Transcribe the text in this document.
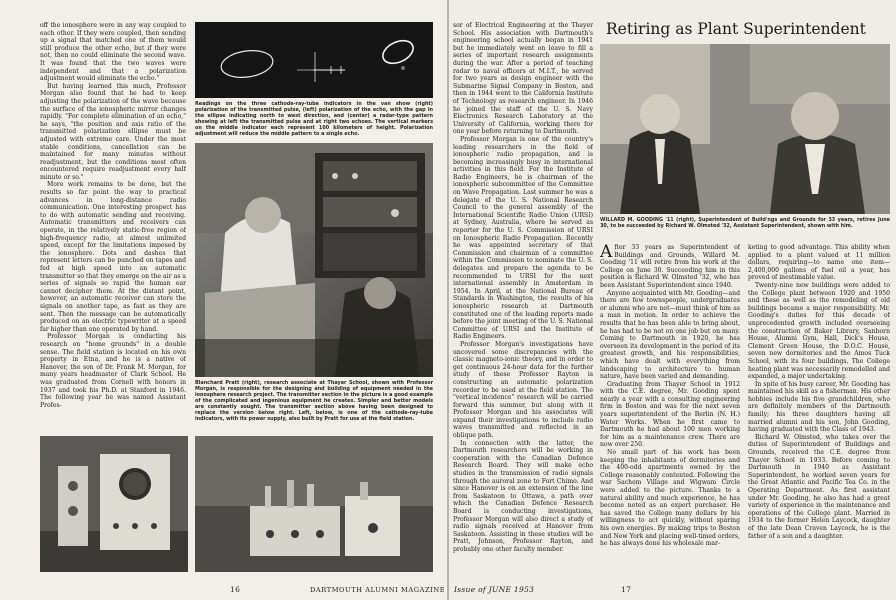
off the ionosphere were in any way coupled to each other. If they were coupled, then sending up a signal that matched one of them would still produce the other echo, but if they were not, then no could eliminate the second wave. It was found that the two waves were independent and that a polarization adjustment would eliminate the echo."

But having learned this much, Professor Morgan also found that he had to keep adjusting the polarization of the wave because the surface of the ionospheric mirror changes rapidly. "For complete elimination of an echo," he says, "the position and axis ratio of the transmitted polarization ellipse must be adjusted with extreme care. Under the most stable conditions, cancellation can be maintained for many minutes without readjustment, but the conditions most often encountered require readjustment every half minute or so."

More work remains to be done, but the results so far point the way to practical advances in long-distance radio communication. One interesting prospect has to do with automatic sending and receiving. Automatic transmitters and receivers can operate, in the relatively static-free region of high-frequency radio, at almost unlimited speed, except for the limitations imposed by the ionosphere. Dots and dashes that represent letters can be punched on tapes and fed at high speed into an automatic transmitter so that they emerge on the air as a series of signals so rapid the human ear cannot decipher them. At the distant point, however, an automatic receiver can store the signals on another tape, as fast as they are sent. Then the message can be automatically produced on an electric typewriter at a speed far higher than one operated by hand.

Professor Morgan is conducting his research on "home grounds" in a double sense. The field station is located on his own property in Etna, and he is a native of Hanover, the son of Dr. Frank M. Morgan, for many years headmaster of Clark School. He was graduated from Cornell with honors in 1937 and took his Ph.D. at Stanford in 1946. The following year he was named Assistant Profes-

Readings on the three cathode-ray-tube indicators in the van show (right) polarization of the transmitted pulse, (left) polarization of the echo, with the gap in the ellipse indicating north to west direction, and (center) a radar-type pattern showing at left the transmitted pulse and at right two echoes. The vertical markers on the middle indicator each represent 100 kilometers of height. Polarization adjustment will reduce the middle pattern to a single echo.
Blanchard Pratt (right), research associate at Thayer School, shown with Professor Morgan, is responsible for the designing and building of equipment needed in the ionosphere research project. The transmitter section in the picture is a good example of the complicated and ingenious equipment he creates. Simpler and better models are constantly sought. The transmitter section above having been designed to replace the version below right. Left, below, is one of the cathode-ray-tube indicators, with its power supply, also built by Pratt for use at the field station.
16	DARTMOUTH ALUMNI MAGAZINE

sor of Electrical Engineering at the Thayer School. His association with Dartmouth's engineering school actually began in 1941 but he immediately went on leave to fill a series of important research assignments during the war. After a period of teaching radar to naval officers at M.I.T., he served for two years as design engineer with the Submarine Signal Company in Boston, and then in 1944 went to the California Institute of Technology as research engineer. In 1946 he joined the staff of the U. S. Navy Electronics Research Laboratory at the University of California, working there for one year before returning to Dartmouth.

Professor Morgan is one of the country's leading researchers in the field of ionospheric radio propagation, and is becoming increasingly busy in international activities in this field. For the Institute of Radio Engineers, he is chairman of the ionospheric subcommittee of the Committee on Wave Propagation. Last summer he was a delegate of the U. S. National Research Council to the general assembly of the International Scientific Radio Union (URSI) at Sydney, Australia, where he served as reporter for the U. S. Commission of URSI on Ionospheric Radio Propagation. Recently he was appointed secretary of that Commission and chairman of a committee within the Commission to nominate the U. S. delegates and prepare the agenda to be recommended to URSI for the next international assembly in Amsterdam in 1954. In April, at the National Bureau of Standards in Washington, the results of his ionospheric research at Dartmouth constituted one of the leading reports made before the joint meeting of the U. S. National Committee of URSI and the Institute of Radio Engineers.

Professor Morgan's investigations have uncovered some discrepancies with the classic magneto-ionic theory, and in order to get continuous 24-hour data for the further study of these Professor Rayton is constructing an automatic polarization recorder to be used at the field station. The "vertical incidence" research will be carried forward this summer, but along with it Professor Morgan and his associates will expand their investigations to include radio waves transmitted and reflected in an oblique path.

In connection with the latter, the Dartmouth researchers will be working in cooperation with the Canadian Defence Research Board. They will make echo studies in the transmission of radio signals through the auroral zone to Fort Chimo. And since Hanover is on an extension of the line from Saskatoon to Ottawa, a path over which the Canadian Defence Research Board is conducting investigations, Professor Morgan will also direct a study of radio signals received at Hanover from Saskatoon. Assisting in these studies will be Pratt, Johnson, Professor Rayton, and probably one other faculty member.

Retiring as Plant Superintendent
WILLARD M. GOODING '11 (right), Superintendent of Build'ngs and Grounds for 33 years, retires June 30, to be succeeded by Richard W. Olmsted '32, Assistant Superintendent, shown with him.

After 33 years as Superintendent of Buildings and Grounds, Willard M. Gooding '11 will retire from his work at the College on June 30. Succeeding him in this position is Richard W. Olmsted '32, who has been Assistant Superintendent since 1940.

Anyone acquainted with Mr. Gooding—and there are few townspeople, undergraduates or alumni who are not—must think of him as a man in motion. In order to achieve the results that he has been able to bring about, he has had to be not on one job but on many. Coming to Dartmouth in 1920, he has overseen its development in the period of its greatest growth, and his responsibilities, which have dealt with everything from landscaping to architecture to human nature, have been varied and demanding.

Graduating from Thayer School in 1912 with the C.E. degree, Mr. Gooding spent nearly a year with a consulting engineering firm in Boston and was for the next seven years superintendent of the Berlin (N. H.) Water Works. When he first came to Dartmouth he had about 100 men working for him as a maintenance crew. There are now over 250.

No small part of his work has been keeping the inhabitants of dormitories and the 400-odd apartments owned by the College reasonably contented. Following the war Sachem Village and Wigwam Circle were added to the picture. Thanks to a natural ability and much experience, he has become noted as an expert purchaser. He has saved the College many dollars by his willingness to act quickly, without sparing his own energies. By making trips to Boston and New York and placing well-timed orders, he has always done his wholesale mar-

keting to good advantage. This ability when applied to a plant valued at 11 million dollars, requiring—to name one item—2,400,000 gallons of fuel oil a year, has proved of inestimable value.

Twenty-nine new buildings were added to the College plant between 1920 and 1950 and these as well as the remodeling of old buildings became a major responsibility. Mr. Gooding's duties for this decade of unprecedented growth included overseeing the construction of Baker Library, Sanborn House, Alumni Gym, Hall, Dick's House, Clement Green House, the D.O.C. House, seven new dormitories and the Amos Tuck School, with its four buildings. The College heating plant was necessarily remodelled and expanded, a major undertaking.

In spite of his busy career, Mr. Gooding has maintained his skill as a fisherman. His other hobbies include his five grandchildren, who are definitely members of the Dartmouth family; his three daughters having all married alumni and his son, John Gooding, having graduated with the Class of 1943.

Richard W. Olmsted, who takes over the duties of Superintendent of Buildings and Grounds, received the C.E. degree from Thayer School in 1933. Before coming to Dartmouth in 1940 as Assistant Superintendent, he worked seven years for the Great Atlantic and Pacific Tea Co. in the Operating Department. As first assistant under Mr. Gooding, he also has had a great variety of experience in the maintenance and operations of the College plant. Married in 1934 to the former Helen Laycock, daughter of the late Dean Craven Laycock, he is the father of a son and a daughter.

Issue of JUNE 1953	17
